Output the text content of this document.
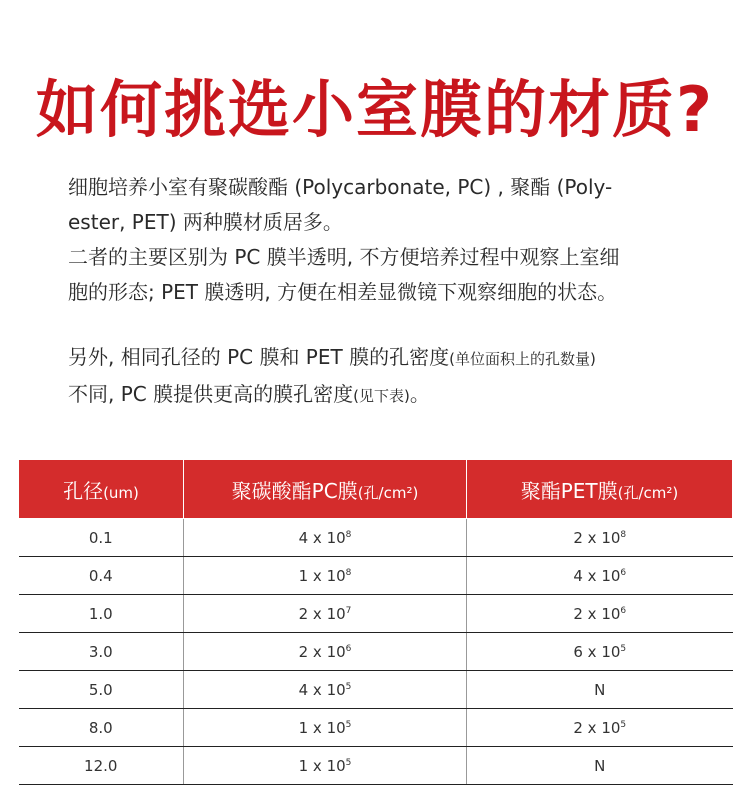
如何挑选小室膜的材质?
细胞培养小室有聚碳酸酯 (Polycarbonate, PC) , 聚酯 (Poly-
ester, PET) 两种膜材质居多。
二者的主要区别为 PC 膜半透明, 不方便培养过程中观察上室细
胞的形态; PET 膜透明, 方便在相差显微镜下观察细胞的状态。
另外, 相同孔径的 PC 膜和 PET 膜的孔密度(单位面积上的孔数量)
不同, PC 膜提供更高的膜孔密度(见下表)。
孔径(um)	聚碳酸酯PC膜(孔/cm²)	聚酯PET膜(孔/cm²)
0.1	4 x $10^8$	2 x $10^8$
0.4	1 x $10^8$	4 x $10^6$
1.0	2 x $10^7$	2 x $10^6$
3.0	2 x $10^6$	6 x $10^5$
5.0	4 x $10^5$	N
8.0	1 x $10^5$	2 x $10^5$
12.0	1 x $10^5$	N
